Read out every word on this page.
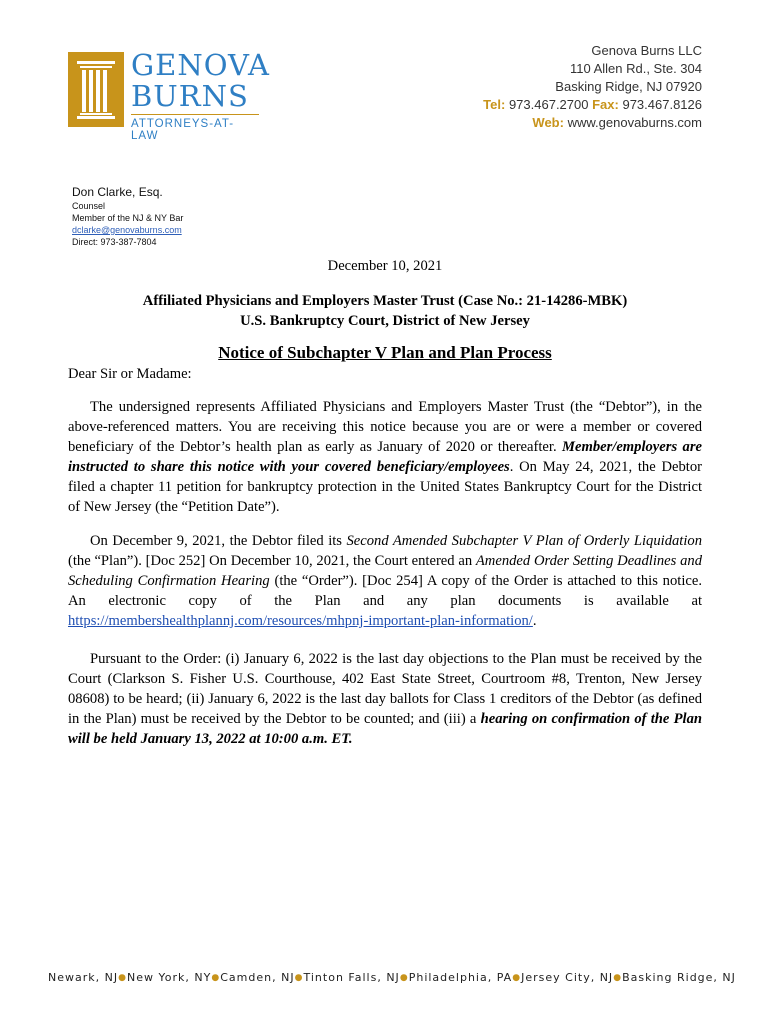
GENOVA
BURNS
ATTORNEYS-AT-LAW
Genova Burns LLC
110 Allen Rd., Ste. 304
Basking Ridge, NJ 07920
Tel: 973.467.2700 Fax: 973.467.8126
Web: www.genovaburns.com
Don Clarke, Esq.
Counsel
Member of the NJ & NY Bar
dclarke@genovaburns.com
Direct: 973-387-7804
December 10, 2021
Affiliated Physicians and Employers Master Trust (Case No.: 21-14286-MBK)
U.S. Bankruptcy Court, District of New Jersey
Notice of Subchapter V Plan and Plan Process
Dear Sir or Madame:
The undersigned represents Affiliated Physicians and Employers Master Trust (the “Debtor”), in the above-referenced matters. You are receiving this notice because you are or were a member or covered beneficiary of the Debtor’s health plan as early as January of 2020 or thereafter. Member/employers are instructed to share this notice with your covered beneficiary/employees. On May 24, 2021, the Debtor filed a chapter 11 petition for bankruptcy protection in the United States Bankruptcy Court for the District of New Jersey (the “Petition Date”).
On December 9, 2021, the Debtor filed its Second Amended Subchapter V Plan of Orderly Liquidation (the “Plan”). [Doc 252] On December 10, 2021, the Court entered an Amended Order Setting Deadlines and Scheduling Confirmation Hearing (the “Order”). [Doc 254] A copy of the Order is attached to this notice. An electronic copy of the Plan and any plan documents is available at https://membershealthplannj.com/resources/mhpnj-important-plan-information/.
Pursuant to the Order: (i) January 6, 2022 is the last day objections to the Plan must be received by the Court (Clarkson S. Fisher U.S. Courthouse, 402 East State Street, Courtroom #8, Trenton, New Jersey 08608) to be heard; (ii) January 6, 2022 is the last day ballots for Class 1 creditors of the Debtor (as defined in the Plan) must be received by the Debtor to be counted; and (iii) a hearing on confirmation of the Plan will be held January 13, 2022 at 10:00 a.m. ET.
Newark, NJ ● New York, NY ● Camden, NJ ● Tinton Falls, NJ ● Philadelphia, PA ● Jersey City, NJ ● Basking Ridge, NJ
